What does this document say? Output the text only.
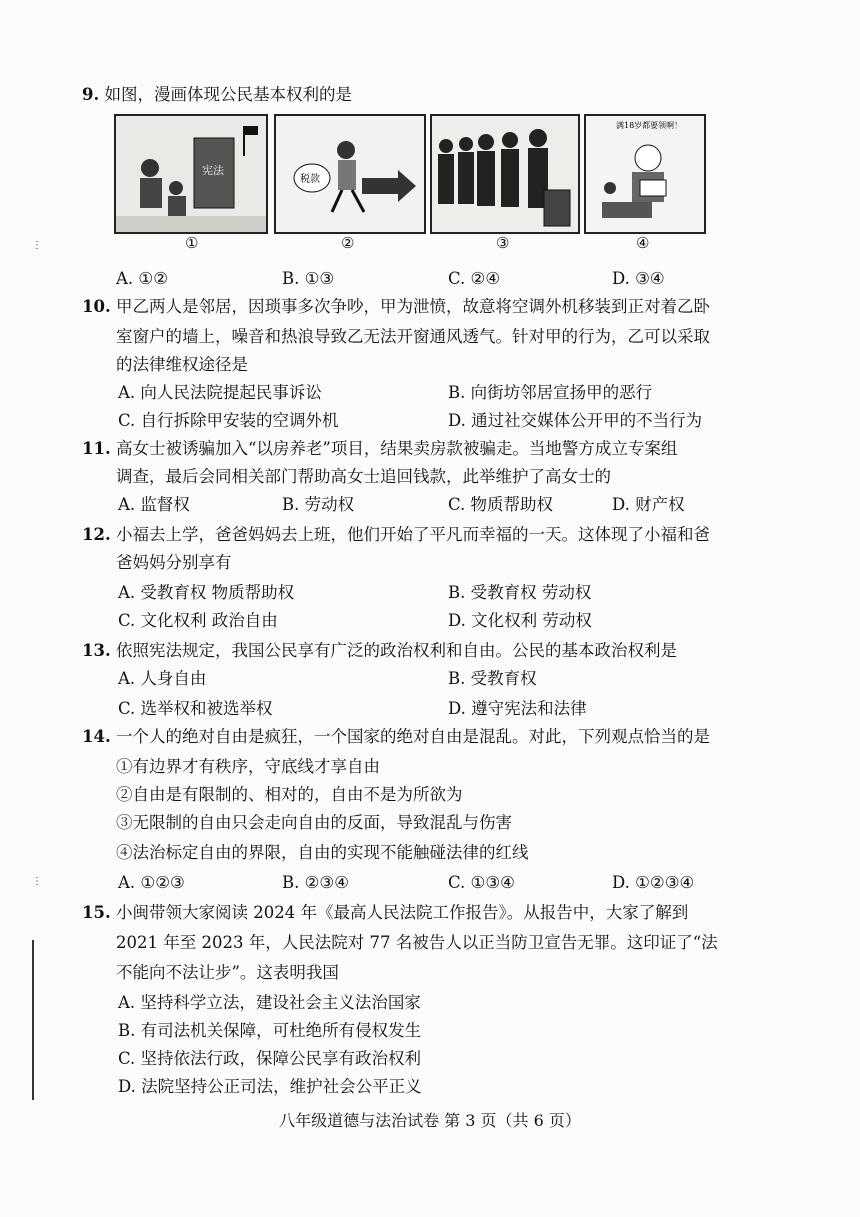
9. 如图，漫画体现公民基本权利的是
宪法
税款
满18岁都要领啊！
①	②	③	④
A. ①②	B. ①③	C. ②④	D. ③④
⋮
10. 甲乙两人是邻居，因琐事多次争吵，甲为泄愤，故意将空调外机移装到正对着乙卧
室窗户的墙上，噪音和热浪导致乙无法开窗通风透气。针对甲的行为，乙可以采取
的法律维权途径是
A. 向人民法院提起民事诉讼	B. 向街坊邻居宣扬甲的恶行
C. 自行拆除甲安装的空调外机	D. 通过社交媒体公开甲的不当行为
11. 高女士被诱骗加入“以房养老”项目，结果卖房款被骗走。当地警方成立专案组
调查，最后会同相关部门帮助高女士追回钱款，此举维护了高女士的
A. 监督权	B. 劳动权	C. 物质帮助权	D. 财产权
12. 小福去上学，爸爸妈妈去上班，他们开始了平凡而幸福的一天。这体现了小福和爸
爸妈妈分别享有
A. 受教育权 物质帮助权	B. 受教育权 劳动权
C. 文化权利 政治自由	D. 文化权利 劳动权
13. 依照宪法规定，我国公民享有广泛的政治权利和自由。公民的基本政治权利是
A. 人身自由	B. 受教育权
C. 选举权和被选举权	D. 遵守宪法和法律
14. 一个人的绝对自由是疯狂，一个国家的绝对自由是混乱。对此，下列观点恰当的是
①有边界才有秩序，守底线才享自由
②自由是有限制的、相对的，自由不是为所欲为
③无限制的自由只会走向自由的反面，导致混乱与伤害
④法治标定自由的界限，自由的实现不能触碰法律的红线
A. ①②③	B. ②③④	C. ①③④	D. ①②③④
⋮
15. 小闽带领大家阅读 2024 年《最高人民法院工作报告》。从报告中，大家了解到
2021 年至 2023 年，人民法院对 77 名被告人以正当防卫宣告无罪。这印证了“法
不能向不法让步”。这表明我国
A. 坚持科学立法，建设社会主义法治国家
B. 有司法机关保障，可杜绝所有侵权发生
C. 坚持依法行政，保障公民享有政治权利
D. 法院坚持公正司法，维护社会公平正义
八年级道德与法治试卷 第 3 页（共 6 页）
